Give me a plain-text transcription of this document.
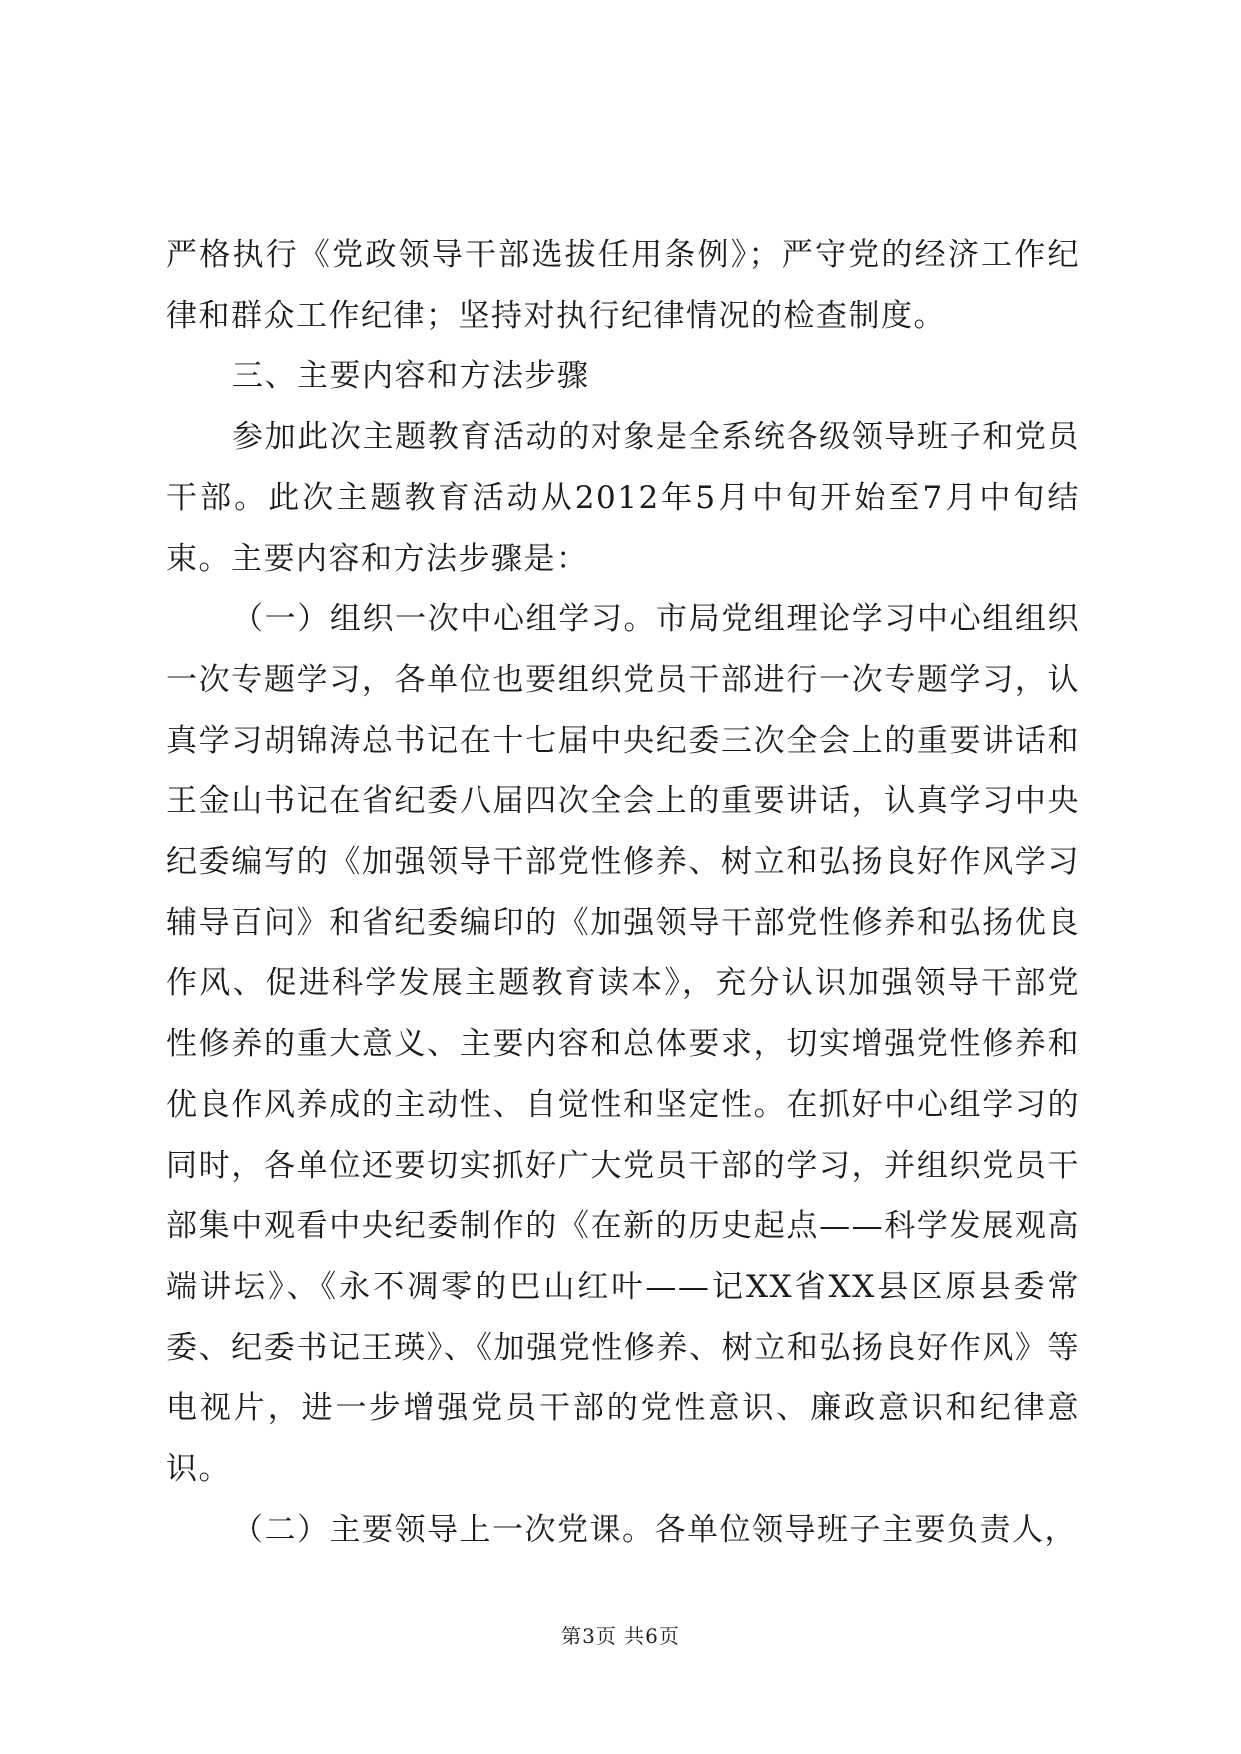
严格执行《党政领导干部选拔任用条例》；严守党的经济工作纪律和群众工作纪律；坚持对执行纪律情况的检查制度。

三、主要内容和方法步骤

参加此次主题教育活动的对象是全系统各级领导班子和党员干部。此次主题教育活动从2012年5月中旬开始至7月中旬结束。主要内容和方法步骤是：

（一）组织一次中心组学习。市局党组理论学习中心组组织一次专题学习，各单位也要组织党员干部进行一次专题学习，认真学习胡锦涛总书记在十七届中央纪委三次全会上的重要讲话和王金山书记在省纪委八届四次全会上的重要讲话，认真学习中央纪委编写的《加强领导干部党性修养、树立和弘扬良好作风学习辅导百问》和省纪委编印的《加强领导干部党性修养和弘扬优良作风、促进科学发展主题教育读本》，充分认识加强领导干部党性修养的重大意义、主要内容和总体要求，切实增强党性修养和优良作风养成的主动性、自觉性和坚定性。在抓好中心组学习的同时，各单位还要切实抓好广大党员干部的学习，并组织党员干部集中观看中央纪委制作的《在新的历史起点——科学发展观高端讲坛》、《永不凋零的巴山红叶——记XX省XX县区原县委常委、纪委书记王瑛》、《加强党性修养、树立和弘扬良好作风》等电视片，进一步增强党员干部的党性意识、廉政意识和纪律意识。

（二）主要领导上一次党课。各单位领导班子主要负责人，

第3页 共6页
